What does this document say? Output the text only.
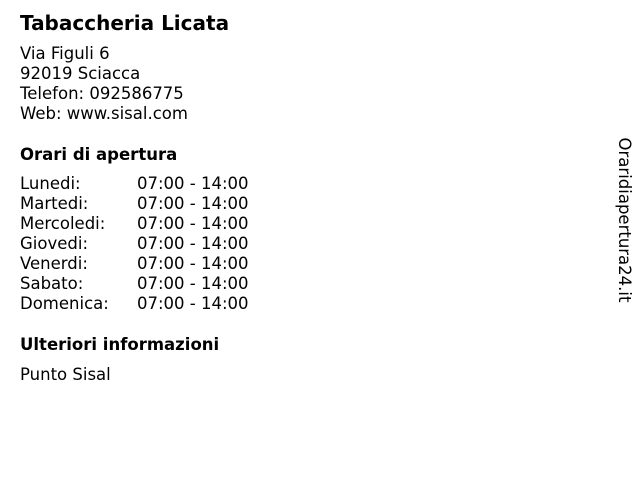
Tabaccheria Licata
Via Figuli 6
92019 Sciacca
Telefon: 092586775
Web: www.sisal.com
Orari di apertura
Lunedi:	07:00 - 14:00
Martedi:	07:00 - 14:00
Mercoledi:	07:00 - 14:00
Giovedi:	07:00 - 14:00
Venerdi:	07:00 - 14:00
Sabato:	07:00 - 14:00
Domenica:	07:00 - 14:00
Ulteriori informazioni
Punto Sisal
Oraridiapertura24.it
